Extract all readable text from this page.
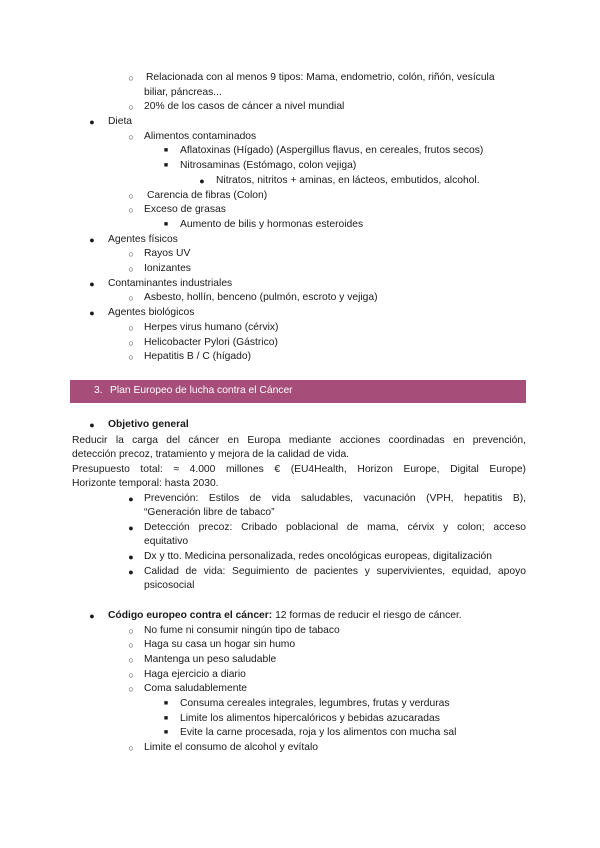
○ Relacionada con al menos 9 tipos: Mama, endometrio, colón, riñón, vesícula
biliar, páncreas...
○ 20% de los casos de cáncer a nivel mundial
● Dieta
○ Alimentos contaminados
■ Aflatoxinas (Hígado) (Aspergillus flavus, en cereales, frutos secos)
■ Nitrosaminas (Estómago, colon vejiga)
● Nitratos, nitritos + aminas, en lácteos, embutidos, alcohol.
○ Carencia de fibras (Colon)
○ Exceso de grasas
■ Aumento de bilis y hormonas esteroides
● Agentes físicos
○ Rayos UV
○ Ionizantes
● Contaminantes industriales
○ Asbesto, hollín, benceno (pulmón, escroto y vejiga)
● Agentes biológicos
○ Herpes virus humano (cérvix)
○ Helicobacter Pylori (Gástrico)
○ Hepatitis B / C (hígado)
3. Plan Europeo de lucha contra el Cáncer
● Objetivo general
Reducir la carga del cáncer en Europa mediante acciones coordinadas en prevención,
detección precoz, tratamiento y mejora de la calidad de vida.
Presupuesto total: ≈ 4.000 millones € (EU4Health, Horizon Europe, Digital Europe)
Horizonte temporal: hasta 2030.
● Prevención: Estilos de vida saludables, vacunación (VPH, hepatitis B),
“Generación libre de tabaco”
● Detección precoz: Cribado poblacional de mama, cérvix y colon; acceso
equitativo
● Dx y tto. Medicina personalizada, redes oncológicas europeas, digitalización
● Calidad de vida: Seguimiento de pacientes y supervivientes, equidad, apoyo
psicosocial
● Código europeo contra el cáncer: 12 formas de reducir el riesgo de cáncer.
○ No fume ni consumir ningún tipo de tabaco
○ Haga su casa un hogar sin humo
○ Mantenga un peso saludable
○ Haga ejercicio a diario
○ Coma saludablemente
■ Consuma cereales integrales, legumbres, frutas y verduras
■ Limite los alimentos hipercalóricos y bebidas azucaradas
■ Evite la carne procesada, roja y los alimentos con mucha sal
○ Limite el consumo de alcohol y evítalo
